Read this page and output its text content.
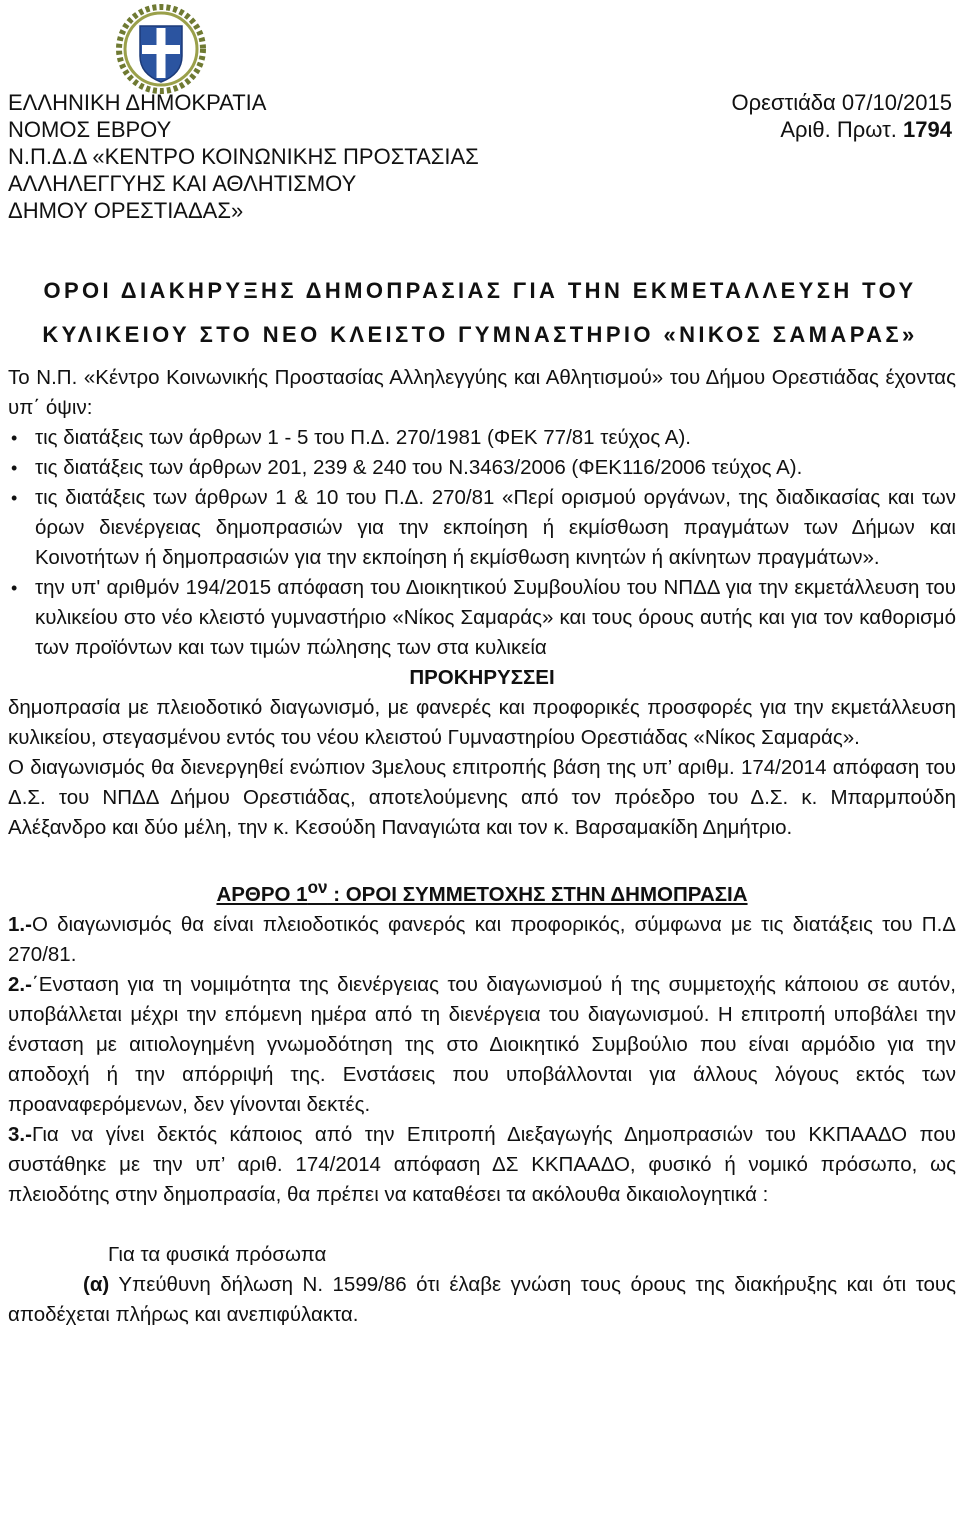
ΕΛΛΗΝΙΚΗ ΔΗΜΟΚΡΑΤΙΑ	Ορεστιάδα 07/10/2015
ΝΟΜΟΣ ΕΒΡΟΥ	Αριθ. Πρωτ. 1794
Ν.Π.Δ.Δ «ΚΕΝΤΡΟ ΚΟΙΝΩΝΙΚΗΣ ΠΡΟΣΤΑΣΙΑΣ
ΑΛΛΗΛΕΓΓΥΗΣ ΚΑΙ ΑΘΛΗΤΙΣΜΟΥ
ΔΗΜΟΥ ΟΡΕΣΤΙΑΔΑΣ»
ΟΡΟΙ ΔΙΑΚΗΡΥΞΗΣ ΔΗΜΟΠΡΑΣΙΑΣ ΓΙΑ ΤΗΝ ΕΚΜΕΤΑΛΛΕΥΣΗ ΤΟΥ
ΚΥΛΙΚΕΙΟΥ ΣΤΟ ΝΕΟ ΚΛΕΙΣΤΟ ΓΥΜΝΑΣΤΗΡΙΟ «ΝΙΚΟΣ ΣΑΜΑΡΑΣ»

Το Ν.Π. «Κέντρο Κοινωνικής Προστασίας Αλληλεγγύης και Αθλητισμού» του Δήμου Ορεστιάδας έχοντας υπ΄ όψιν:

• τις διατάξεις των άρθρων 1 - 5 του Π.Δ. 270/1981 (ΦΕΚ 77/81 τεύχος Α).
• τις διατάξεις των άρθρων 201, 239 & 240 του Ν.3463/2006 (ΦΕΚ116/2006 τεύχος Α).
• τις διατάξεις των άρθρων 1 & 10 του Π.Δ. 270/81 «Περί ορισμού οργάνων, της διαδικασίας και των όρων διενέργειας δημοπρασιών για την εκποίηση ή εκμίσθωση πραγμάτων των Δήμων και Κοινοτήτων ή δημοπρασιών για την εκποίηση ή εκμίσθωση κινητών ή ακίνητων πραγμάτων».
• την υπ' αριθμόν 194/2015 απόφαση του Διοικητικού Συμβουλίου του ΝΠΔΔ για την εκμετάλλευση του κυλικείου στο νέο κλειστό γυμναστήριο «Νίκος Σαμαράς» και τους όρους αυτής και για τον καθορισμό των προϊόντων και των τιμών πώλησης των στα κυλικεία

ΠΡΟΚΗΡΥΣΣΕΙ

δημοπρασία με πλειοδοτικό διαγωνισμό, με φανερές και προφορικές προσφορές για την εκμετάλλευση κυλικείου, στεγασμένου εντός του νέου κλειστού Γυμναστηρίου Ορεστιάδας «Νίκος Σαμαράς».

Ο διαγωνισμός θα διενεργηθεί ενώπιον 3μελους επιτροπής βάση της υπ’ αριθμ. 174/2014 απόφαση του Δ.Σ. του ΝΠΔΔ Δήμου Ορεστιάδας, αποτελούμενης από τον πρόεδρο του Δ.Σ. κ. Μπαρμπούδη Αλέξανδρο και δύο μέλη, την κ. Κεσούδη Παναγιώτα και τον κ. Βαρσαμακίδη Δημήτριο.

ΑΡΘΡΟ $1^{o\nu}$ : ΟΡΟΙ ΣΥΜΜΕΤΟΧΗΣ ΣΤΗΝ ΔΗΜΟΠΡΑΣΙΑ

1.-Ο διαγωνισμός θα είναι πλειοδοτικός φανερός και προφορικός, σύμφωνα με τις διατάξεις του Π.Δ 270/81.

2.-΄Ενσταση για τη νομιμότητα της διενέργειας του διαγωνισμού ή της συμμετοχής κάποιου σε αυτόν, υποβάλλεται μέχρι την επόμενη ημέρα από τη διενέργεια του διαγωνισμού. Η επιτροπή υποβάλει την ένσταση με αιτιολογημένη γνωμοδότηση της στο Διοικητικό Συμβούλιο που είναι αρμόδιο για την αποδοχή ή την απόρριψή της. Ενστάσεις που υποβάλλονται για άλλους λόγους εκτός των προαναφερόμενων, δεν γίνονται δεκτές.

3.-Για να γίνει δεκτός κάποιος από την Επιτροπή Διεξαγωγής Δημοπρασιών του ΚΚΠΑΑΔΟ που συστάθηκε με την υπ’ αριθ. 174/2014 απόφαση ΔΣ ΚΚΠΑΑΔΟ, φυσικό ή νομικό πρόσωπο, ως πλειοδότης στην δημοπρασία, θα πρέπει να καταθέσει τα ακόλουθα δικαιολογητικά :

Για τα φυσικά πρόσωπα

(α) Υπεύθυνη δήλωση Ν. 1599/86 ότι έλαβε γνώση τους όρους της διακήρυξης και ότι τους αποδέχεται πλήρως και ανεπιφύλακτα.
